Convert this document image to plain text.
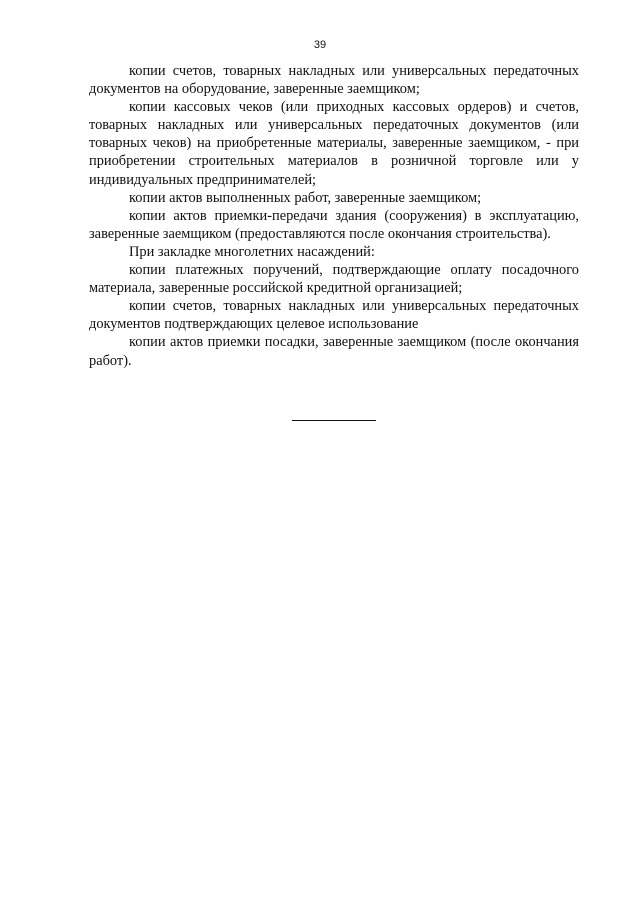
39

копии счетов, товарных накладных или универсальных передаточных документов на оборудование, заверенные заемщиком;

копии кассовых чеков (или приходных кассовых ордеров) и счетов, товарных накладных или универсальных передаточных документов (или товарных чеков) на приобретенные материалы, заверенные заемщиком, - при приобретении строительных материалов в розничной торговле или у индивидуальных предпринимателей;

копии актов выполненных работ, заверенные заемщиком;

копии актов приемки-передачи здания (сооружения) в эксплуатацию, заверенные заемщиком (предоставляются после окончания строительства).

При закладке многолетних насаждений:

копии платежных поручений, подтверждающие оплату посадочного материала, заверенные российской кредитной организацией;

копии счетов, товарных накладных или универсальных передаточных документов подтверждающих целевое использование

копии актов приемки посадки, заверенные заемщиком (после окончания работ).
